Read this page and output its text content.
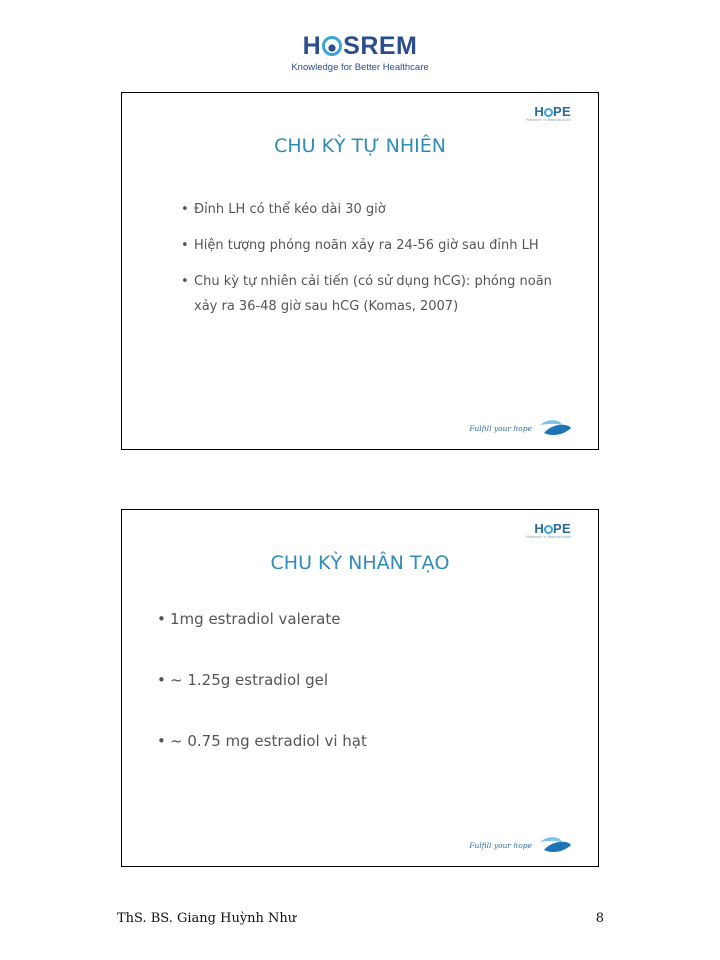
H SREM
Knowledge for Better Healthcare
H PE
Research in Reproduction
CHU KỲ TỰ NHIÊN
• Đỉnh LH có thể kéo dài 30 giờ
• Hiện tượng phóng noãn xảy ra 24-56 giờ sau đỉnh LH
• Chu kỳ tự nhiên cải tiến (có sử dụng hCG): phóng noãn xảy ra 36-48 giờ sau hCG (Komas, 2007)
Fulfill your hope
H PE
Research in Reproduction
CHU KỲ NHÂN TẠO
• 1mg estradiol valerate
• ~ 1.25g estradiol gel
• ~ 0.75 mg estradiol vi hạt
Fulfill your hope
ThS. BS. Giang Huỳnh Như	8
